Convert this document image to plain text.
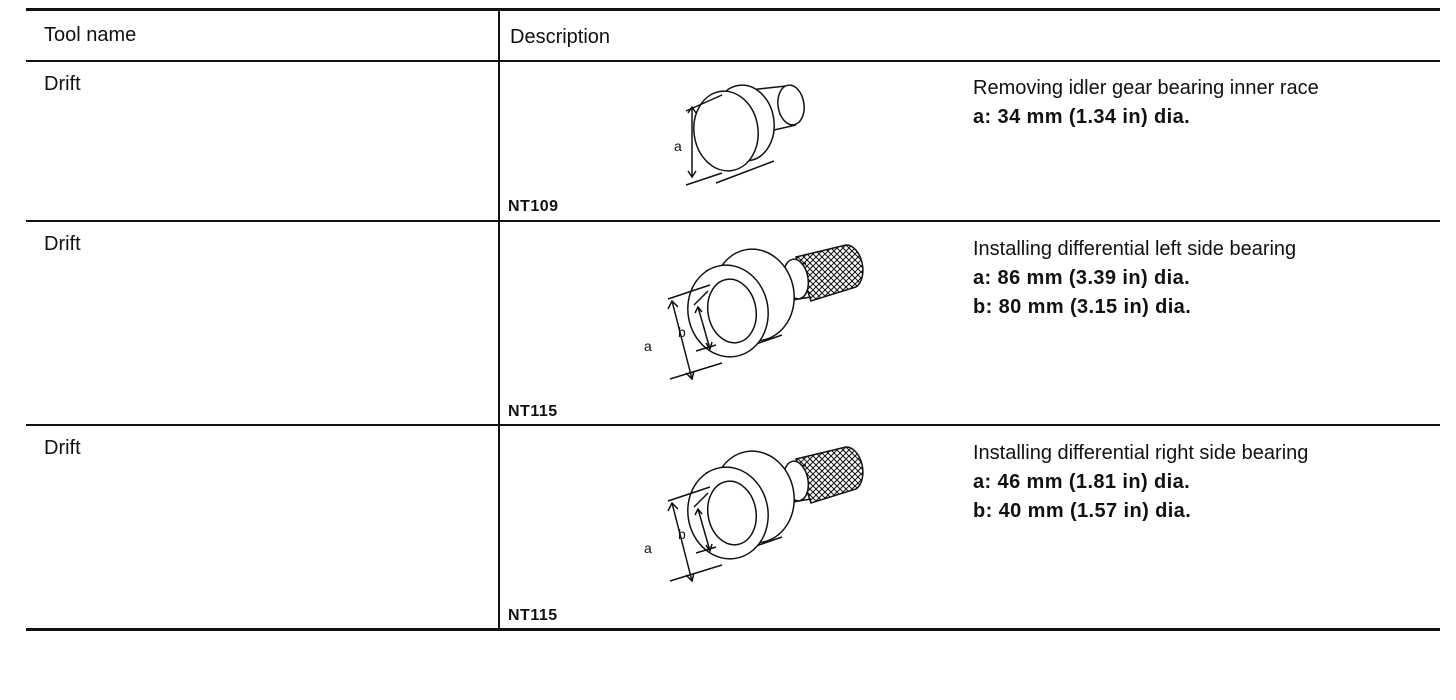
Tool name	Description
Drift
a
NT109
Removing idler gear bearing inner race
a: 34 mm (1.34 in) dia.
Drift
a
b
NT115
Installing differential left side bearing
a: 86 mm (3.39 in) dia.
b: 80 mm (3.15 in) dia.
Drift
a
b
NT115
Installing differential right side bearing
a: 46 mm (1.81 in) dia.
b: 40 mm (1.57 in) dia.
